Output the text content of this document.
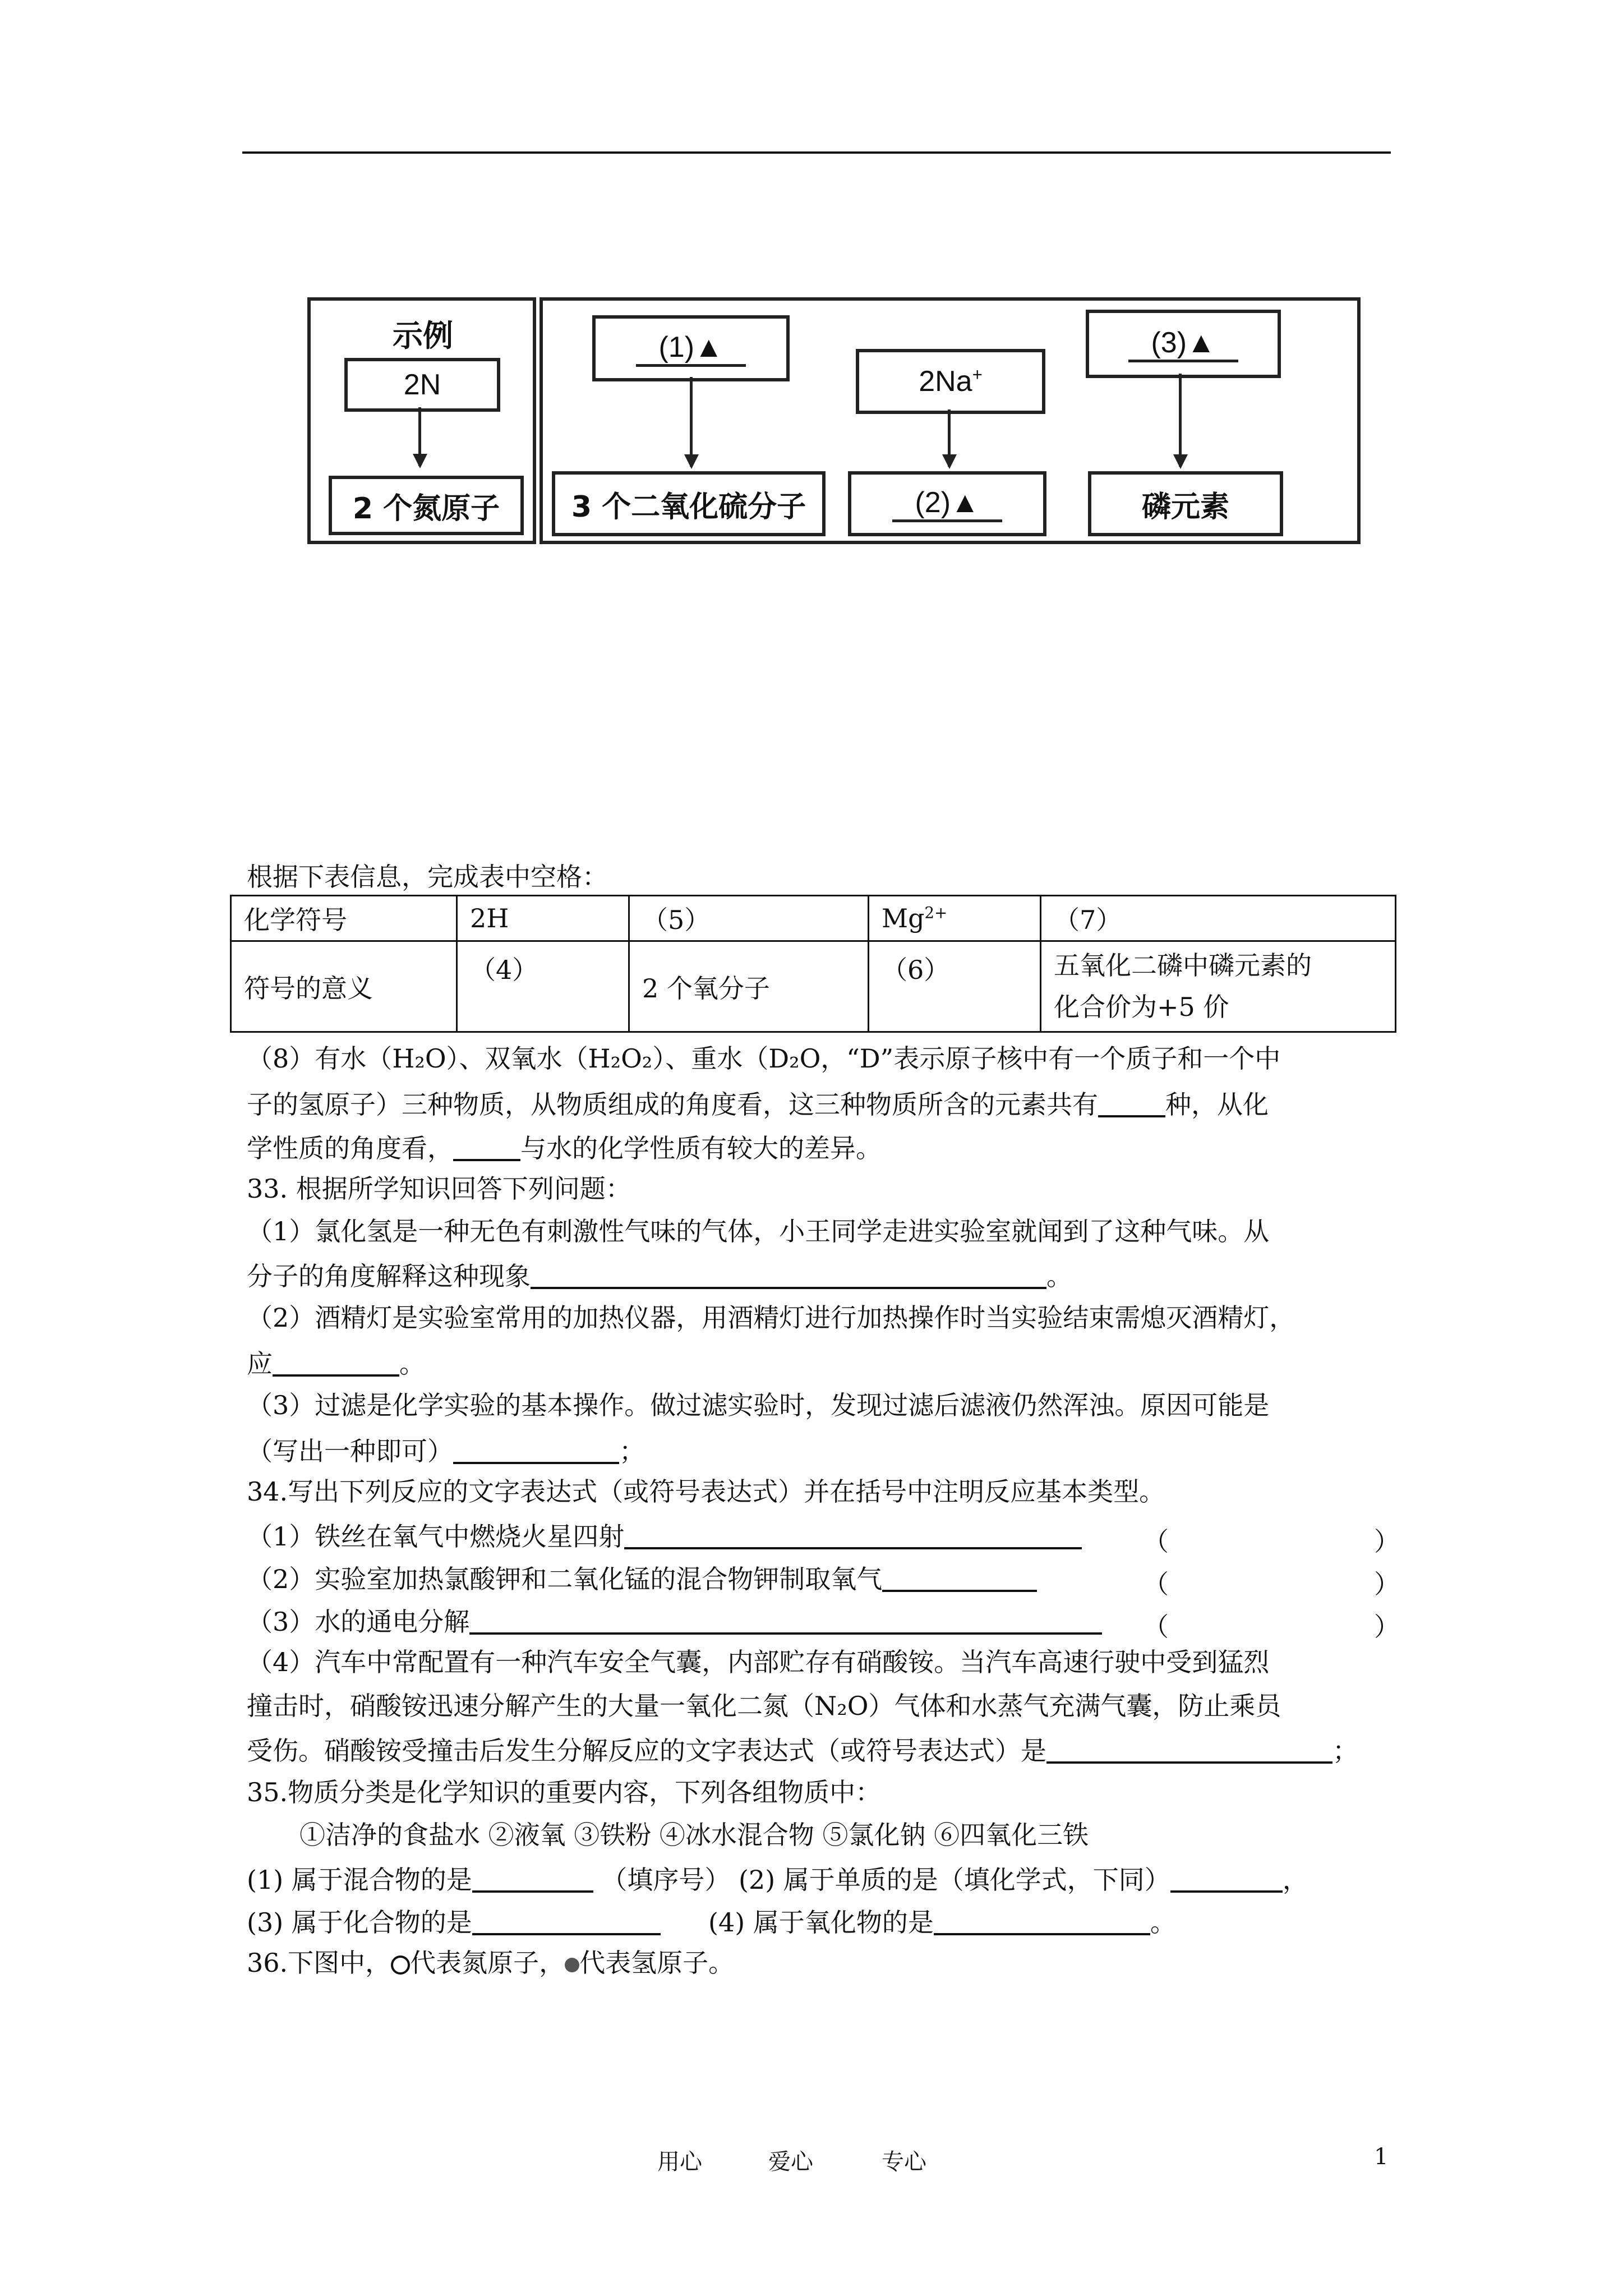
示例
2N
2 个氮原子
(1)▲
3 个二氧化硫分子
2Na+
(2)▲
(3)▲
磷元素
根据下表信息，完成表中空格：
化学符号	2H	（5）	$Mg^{2+}$	（7）
符号的意义	（4）	2 个氧分子	（6）	五氧化二磷中磷元素的
化合价为+5 价
（8）有水（H₂O）、双氧水（H₂O₂）、重水（D₂O，“D”表示原子核中有一个质子和一个中
子的氢原子）三种物质，从物质组成的角度看，这三种物质所含的元素共有	种，从化
学性质的角度看，	与水的化学性质有较大的差异。
33. 根据所学知识回答下列问题：
（1）氯化氢是一种无色有刺激性气味的气体，小王同学走进实验室就闻到了这种气味。从
分子的角度解释这种现象	。
（2）酒精灯是实验室常用的加热仪器，用酒精灯进行加热操作时当实验结束需熄灭酒精灯，
应	。
（3）过滤是化学实验的基本操作。做过滤实验时，发现过滤后滤液仍然浑浊。原因可能是
（写出一种即可）	；
34.写出下列反应的文字表达式（或符号表达式）并在括号中注明反应基本类型。
（1）铁丝在氧气中燃烧火星四射	（	）
（2）实验室加热氯酸钾和二氧化锰的混合物钾制取氧气	（	）
（3）水的通电分解	（	）
（4）汽车中常配置有一种汽车安全气囊，内部贮存有硝酸铵。当汽车高速行驶中受到猛烈
撞击时，硝酸铵迅速分解产生的大量一氧化二氮（N₂O）气体和水蒸气充满气囊，防止乘员
受伤。硝酸铵受撞击后发生分解反应的文字表达式（或符号表达式）是	；
35.物质分类是化学知识的重要内容，下列各组物质中：
①洁净的食盐水 ②液氧 ③铁粉 ④冰水混合物 ⑤氯化钠 ⑥四氧化三铁
(1) 属于混合物的是	（填序号） (2) 属于单质的是（填化学式，下同）	，
(3) 属于化合物的是	(4) 属于氧化物的是	。
36.下图中， 代表氮原子， 代表氢原子。
用心	爱心	专心	1
